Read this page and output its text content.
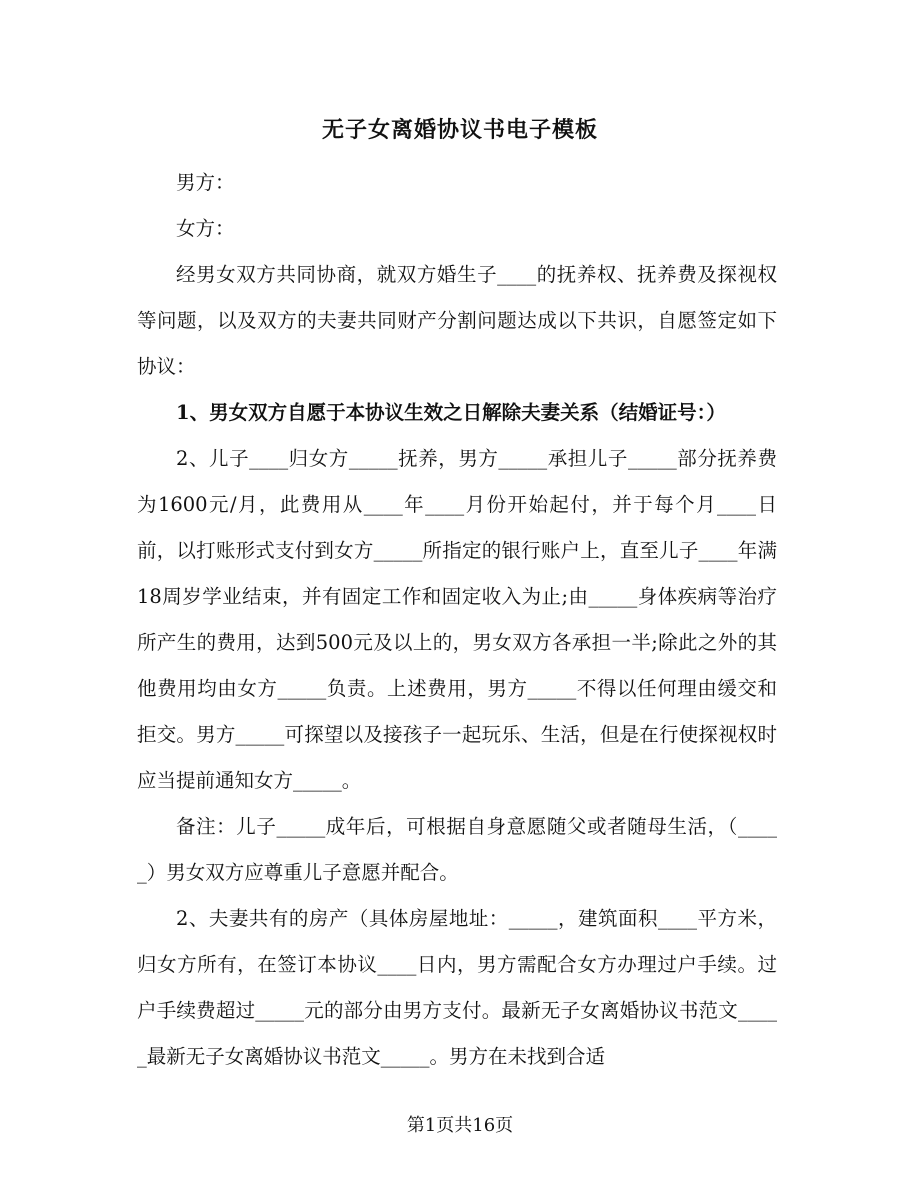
无子女离婚协议书电子模板

男方：

女方：

经男女双方共同协商，就双方婚生子____的抚养权、抚养费及探视权等问题，以及双方的夫妻共同财产分割问题达成以下共识，自愿签定如下协议：

1、男女双方自愿于本协议生效之日解除夫妻关系（结婚证号：）

2、儿子____归女方_____抚养，男方_____承担儿子_____部分抚养费为1600元/月，此费用从____年____月份开始起付，并于每个月____日前，以打账形式支付到女方_____所指定的银行账户上，直至儿子____年满18周岁学业结束，并有固定工作和固定收入为止;由_____身体疾病等治疗所产生的费用，达到500元及以上的，男女双方各承担一半;除此之外的其他费用均由女方_____负责。上述费用，男方_____不得以任何理由缓交和拒交。男方_____可探望以及接孩子一起玩乐、生活，但是在行使探视权时应当提前通知女方_____。

备注：儿子_____成年后，可根据自身意愿随父或者随母生活，（_____）男女双方应尊重儿子意愿并配合。

2、夫妻共有的房产（具体房屋地址：_____，建筑面积____平方米，归女方所有，在签订本协议____日内，男方需配合女方办理过户手续。过户手续费超过_____元的部分由男方支付。最新无子女离婚协议书范文_____最新无子女离婚协议书范文_____。男方在未找到合适

第1页共16页
